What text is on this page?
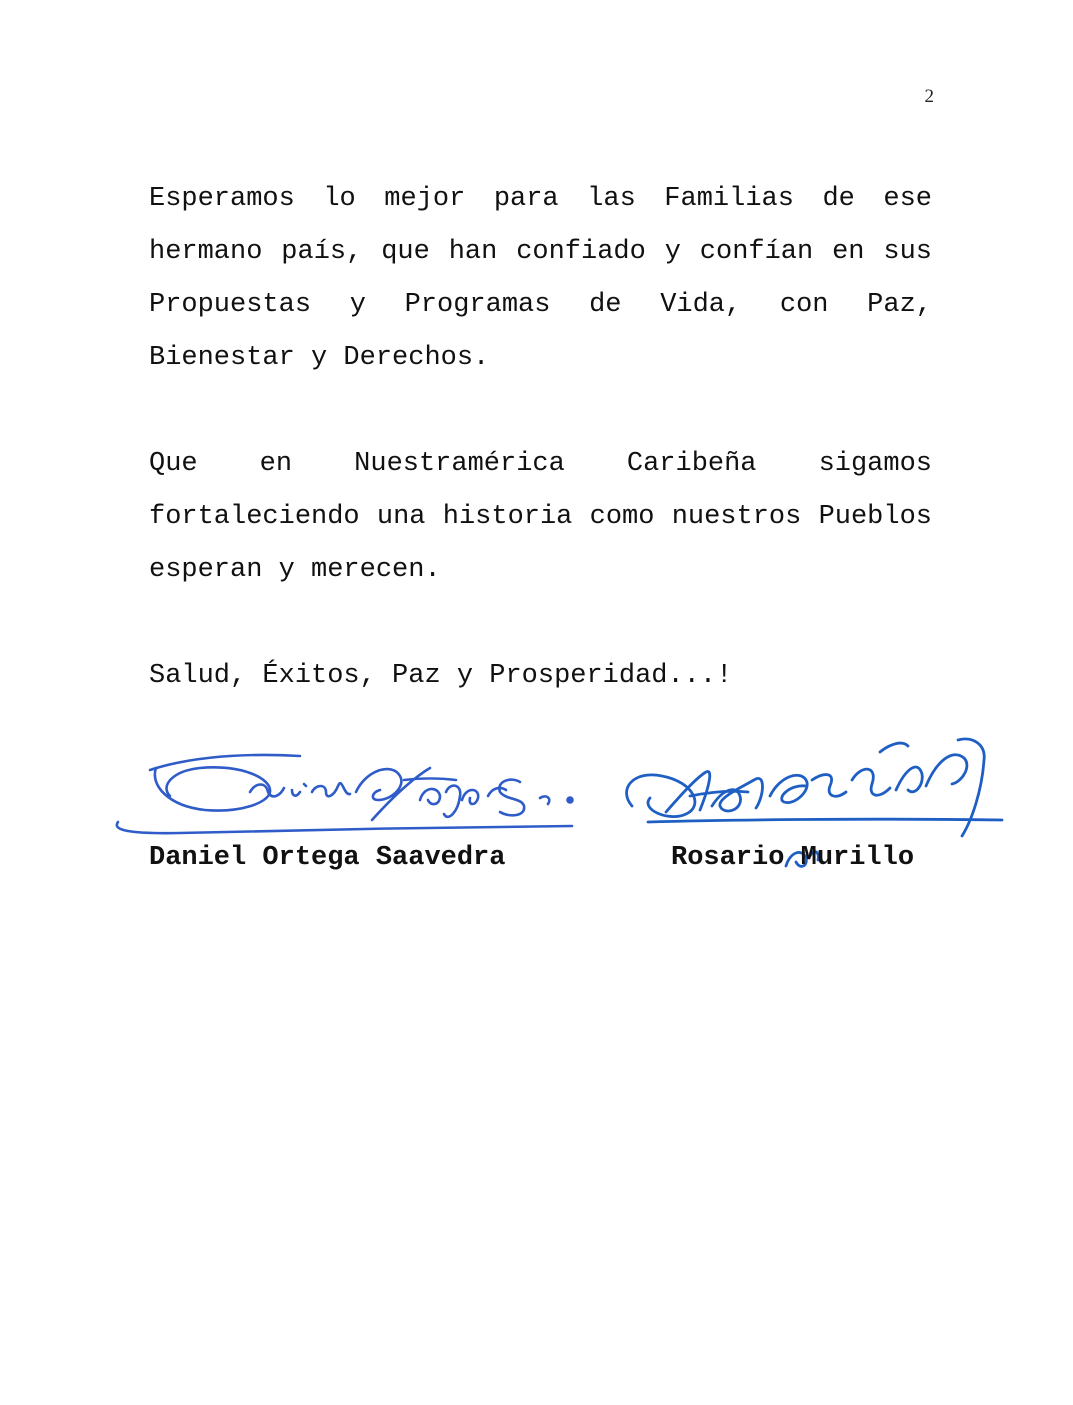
2

Esperamos lo mejor para las Familias de ese hermano país, que han confiado y confían en sus Propuestas y Programas de Vida, con Paz, Bienestar y Derechos.

Que en Nuestramérica Caribeña sigamos fortaleciendo una historia como nuestros Pueblos esperan y merecen.

Salud, Éxitos, Paz y Prosperidad...!

Daniel Ortega Saavedra	Rosario Murillo
